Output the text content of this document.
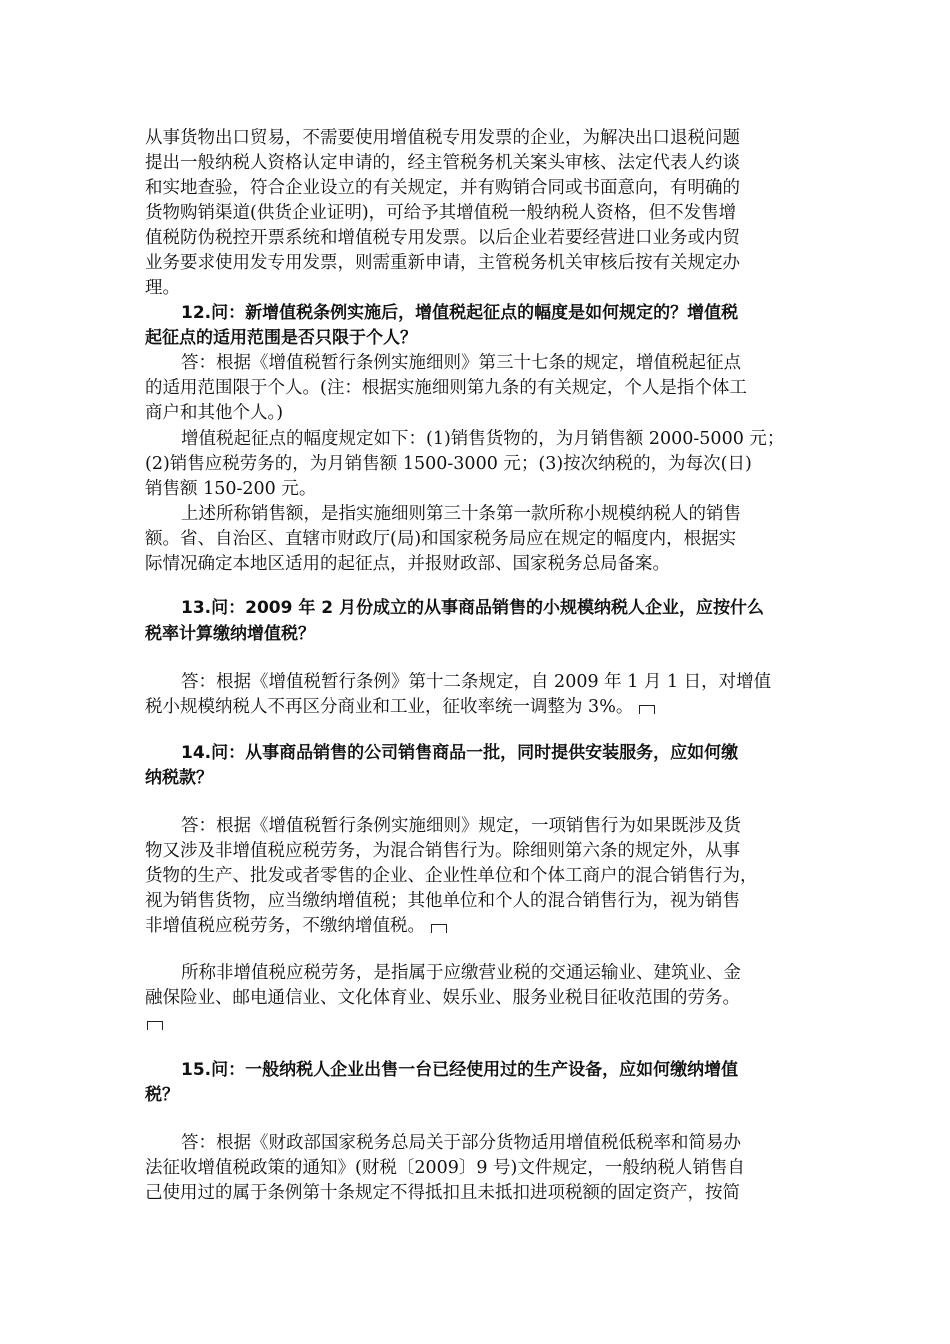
从事货物出口贸易，不需要使用增值税专用发票的企业，为解决出口退税问题
提出一般纳税人资格认定申请的，经主管税务机关案头审核、法定代表人约谈
和实地查验，符合企业设立的有关规定，并有购销合同或书面意向，有明确的
货物购销渠道(供货企业证明)，可给予其增值税一般纳税人资格，但不发售增
值税防伪税控开票系统和增值税专用发票。以后企业若要经营进口业务或内贸
业务要求使用发专用发票，则需重新申请，主管税务机关审核后按有关规定办
理。
12.问：新增值税条例实施后，增值税起征点的幅度是如何规定的？增值税
起征点的适用范围是否只限于个人？
答：根据《增值税暂行条例实施细则》第三十七条的规定，增值税起征点
的适用范围限于个人。(注：根据实施细则第九条的有关规定，个人是指个体工
商户和其他个人。)
增值税起征点的幅度规定如下：(1)销售货物的，为月销售额 2000-5000 元；
(2)销售应税劳务的，为月销售额 1500-3000 元；(3)按次纳税的，为每次(日)
销售额 150-200 元。
上述所称销售额，是指实施细则第三十条第一款所称小规模纳税人的销售
额。省、自治区、直辖市财政厅(局)和国家税务局应在规定的幅度内，根据实
际情况确定本地区适用的起征点，并报财政部、国家税务总局备案。
13.问：2009 年 2 月份成立的从事商品销售的小规模纳税人企业，应按什么
税率计算缴纳增值税？
答：根据《增值税暂行条例》第十二条规定，自 2009 年 1 月 1 日，对增值
税小规模纳税人不再区分商业和工业，征收率统一调整为 3%。
14.问：从事商品销售的公司销售商品一批，同时提供安装服务，应如何缴
纳税款？
答：根据《增值税暂行条例实施细则》规定，一项销售行为如果既涉及货
物又涉及非增值税应税劳务，为混合销售行为。除细则第六条的规定外，从事
货物的生产、批发或者零售的企业、企业性单位和个体工商户的混合销售行为，
视为销售货物，应当缴纳增值税；其他单位和个人的混合销售行为，视为销售
非增值税应税劳务，不缴纳增值税。
所称非增值税应税劳务，是指属于应缴营业税的交通运输业、建筑业、金
融保险业、邮电通信业、文化体育业、娱乐业、服务业税目征收范围的劳务。
15.问：一般纳税人企业出售一台已经使用过的生产设备，应如何缴纳增值
税？
答：根据《财政部国家税务总局关于部分货物适用增值税低税率和简易办
法征收增值税政策的通知》(财税〔2009〕9 号)文件规定，一般纳税人销售自
己使用过的属于条例第十条规定不得抵扣且未抵扣进项税额的固定资产，按简
